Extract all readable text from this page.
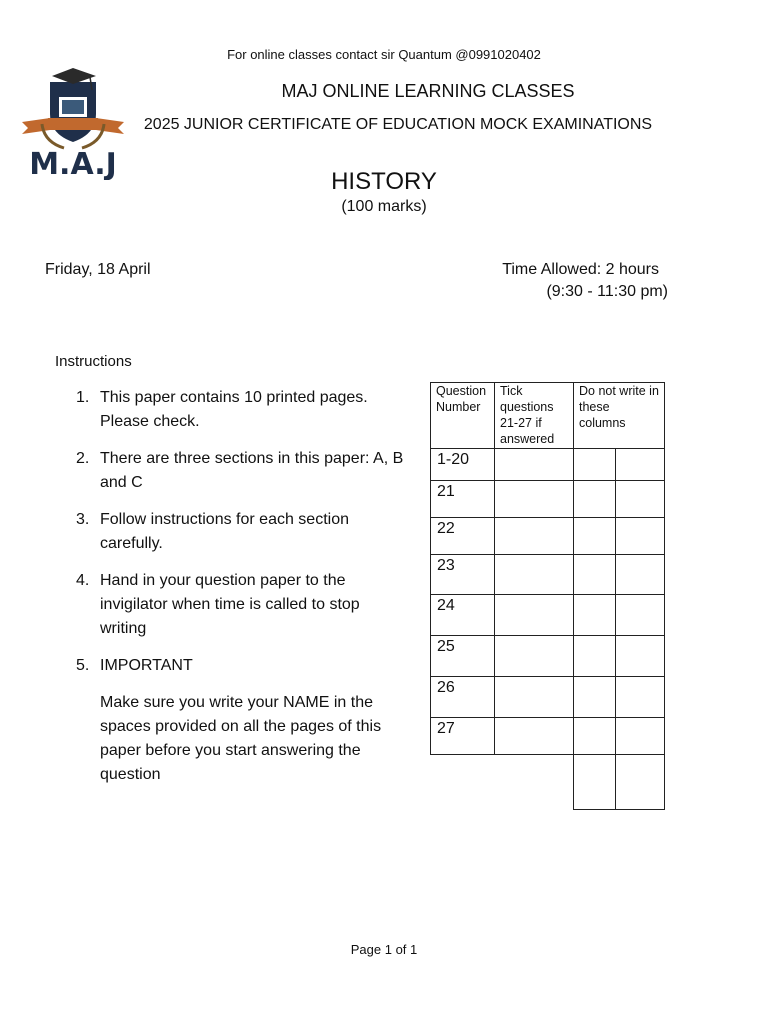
For online classes contact sir Quantum @0991020402
M.A.J
MAJ ONLINE LEARNING CLASSES
2025 JUNIOR CERTIFICATE OF EDUCATION MOCK EXAMINATIONS
HISTORY
(100 marks)
Friday, 18 April	Time Allowed: 2 hours
(9:30 - 11:30 pm)
Instructions
1. This paper contains 10 printed pages. Please check.
2. There are three sections in this paper: A, B and C
3. Follow instructions for each section carefully.
4. Hand in your question paper to the invigilator when time is called to stop writing
5. IMPORTANT
Make sure you write your NAME in the spaces provided on all the pages of this paper before you start answering the question
Question Number	Tick questions 21-27 if answered	Do not write in these columns	
1-20			
21			
22			
23			
24			
25			
26			
27			

Page 1 of 1
